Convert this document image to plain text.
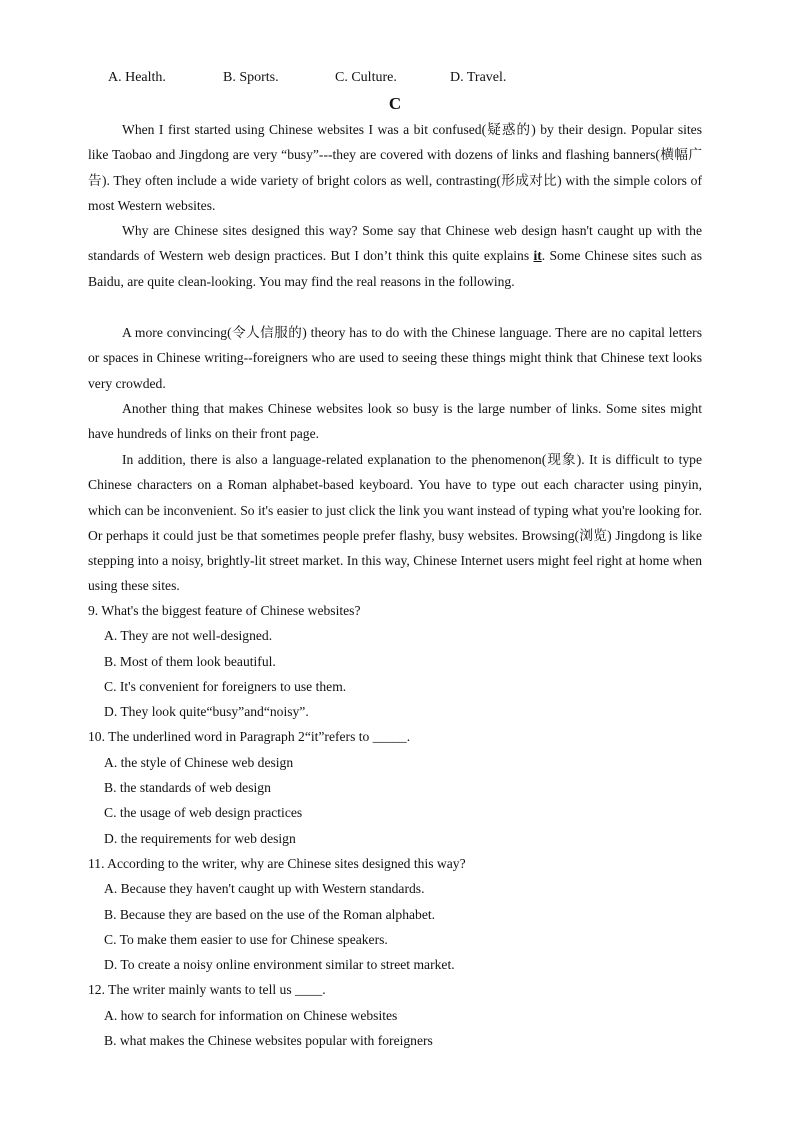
A. Health.	B. Sports.	C. Culture.	D. Travel.
C

When I first started using Chinese websites I was a bit confused(疑惑的) by their design. Popular sites like Taobao and Jingdong are very “busy”---they are covered with dozens of links and flashing banners(横幅广告). They often include a wide variety of bright colors as well, contrasting(形成对比) with the simple colors of most Western websites.

Why are Chinese sites designed this way? Some say that Chinese web design hasn't caught up with the standards of Western web design practices. But I don’t think this quite explains it. Some Chinese sites such as Baidu, are quite clean-looking. You may find the real reasons in the following.

A more convincing(令人信服的) theory has to do with the Chinese language. There are no capital letters or spaces in Chinese writing--foreigners who are used to seeing these things might think that Chinese text looks very crowded.

Another thing that makes Chinese websites look so busy is the large number of links. Some sites might have hundreds of links on their front page.

In addition, there is also a language-related explanation to the phenomenon(现象). It is difficult to type Chinese characters on a Roman alphabet-based keyboard. You have to type out each character using pinyin, which can be inconvenient. So it's easier to just click the link you want instead of typing what you're looking for. Or perhaps it could just be that sometimes people prefer flashy, busy websites. Browsing(浏览) Jingdong is like stepping into a noisy, brightly-lit street market. In this way, Chinese Internet users might feel right at home when using these sites.

9. What's the biggest feature of Chinese websites?
A. They are not well-designed.
B. Most of them look beautiful.
C. It's convenient for foreigners to use them.
D. They look quite“busy”and“noisy”.
10. The underlined word in Paragraph 2“it”refers to _____.
A. the style of Chinese web design
B. the standards of web design
C. the usage of web design practices
D. the requirements for web design
11. According to the writer, why are Chinese sites designed this way?
A. Because they haven't caught up with Western standards.
B. Because they are based on the use of the Roman alphabet.
C. To make them easier to use for Chinese speakers.
D. To create a noisy online environment similar to street market.
12. The writer mainly wants to tell us ____.
A. how to search for information on Chinese websites
B. what makes the Chinese websites popular with foreigners
